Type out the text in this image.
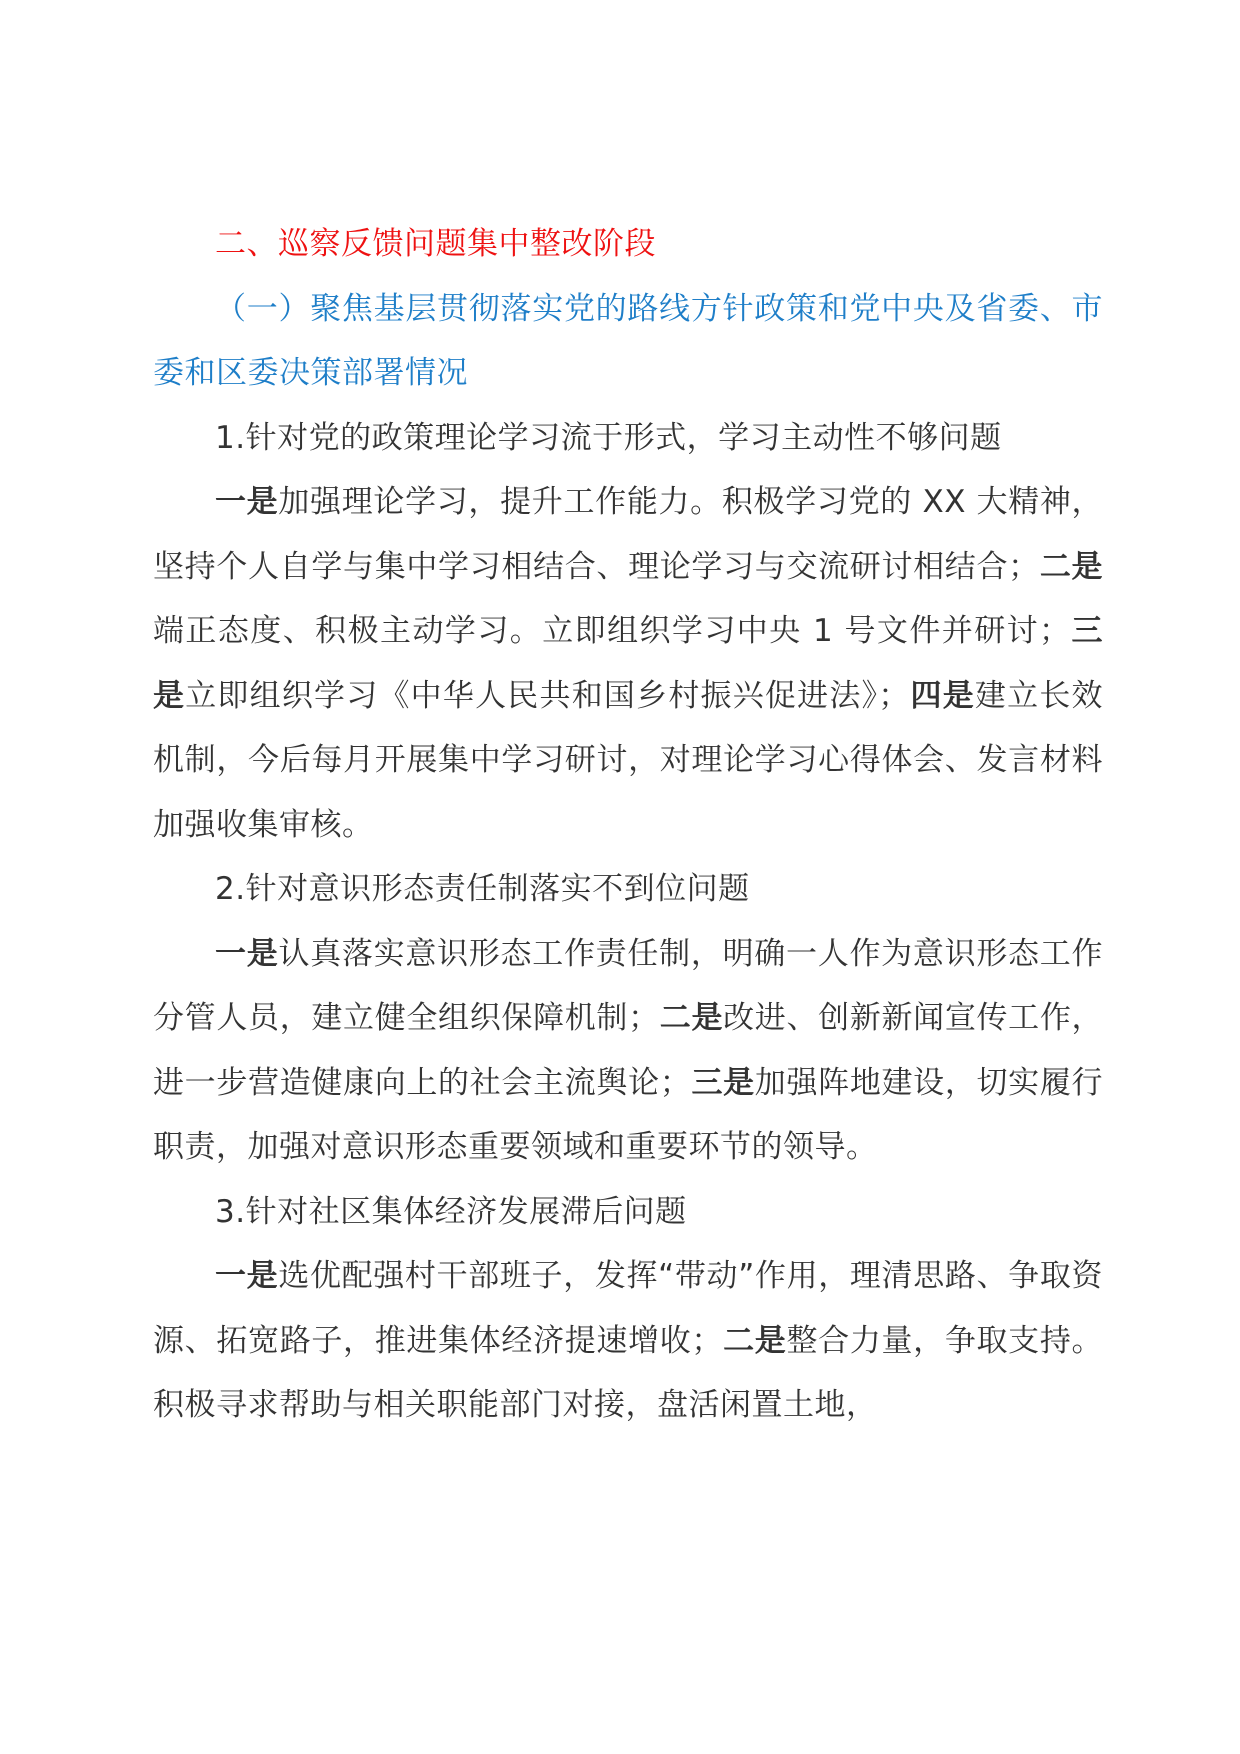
二、巡察反馈问题集中整改阶段

（一）聚焦基层贯彻落实党的路线方针政策和党中央及省委、市委和区委决策部署情况

1.针对党的政策理论学习流于形式，学习主动性不够问题

一是加强理论学习，提升工作能力。积极学习党的 XX 大精神，坚持个人自学与集中学习相结合、理论学习与交流研讨相结合；二是端正态度、积极主动学习。立即组织学习中央 1 号文件并研讨；三是立即组织学习《中华人民共和国乡村振兴促进法》；四是建立长效机制，今后每月开展集中学习研讨，对理论学习心得体会、发言材料加强收集审核。

2.针对意识形态责任制落实不到位问题

一是认真落实意识形态工作责任制，明确一人作为意识形态工作分管人员，建立健全组织保障机制；二是改进、创新新闻宣传工作，进一步营造健康向上的社会主流舆论；三是加强阵地建设，切实履行职责，加强对意识形态重要领域和重要环节的领导。

3.针对社区集体经济发展滞后问题

一是选优配强村干部班子，发挥“带动”作用，理清思路、争取资源、拓宽路子，推进集体经济提速增收；二是整合力量，争取支持。积极寻求帮助与相关职能部门对接，盘活闲置土地，
